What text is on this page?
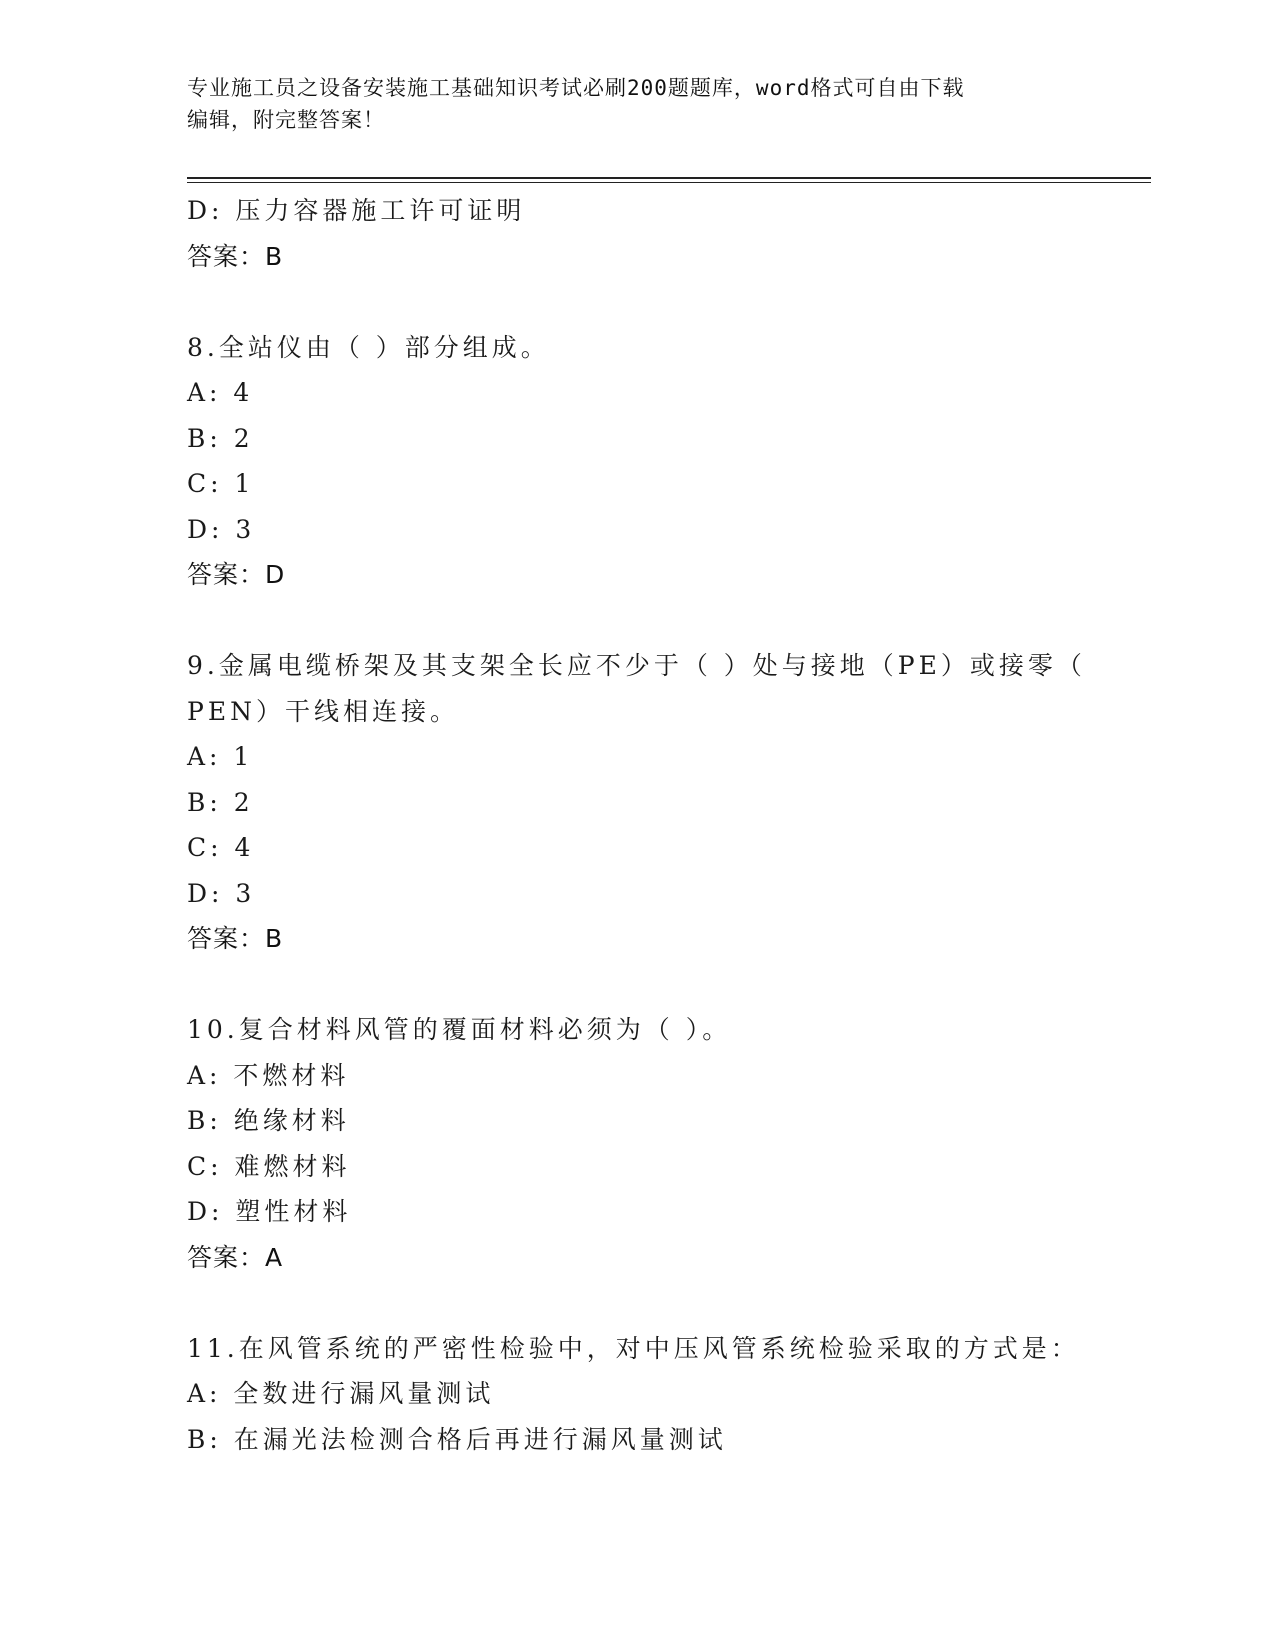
专业施工员之设备安装施工基础知识考试必刷200题题库，word格式可自由下载
编辑，附完整答案！
D: 压力容器施工许可证明
答案：B
8.全站仪由（ ）部分组成。
A: 4
B: 2
C: 1
D: 3
答案：D
9.金属电缆桥架及其支架全长应不少于（ ）处与接地（PE）或接零（
PEN）干线相连接。
A: 1
B: 2
C: 4
D: 3
答案：B
10.复合材料风管的覆面材料必须为（ ）。
A: 不燃材料
B: 绝缘材料
C: 难燃材料
D: 塑性材料
答案：A
11.在风管系统的严密性检验中，对中压风管系统检验采取的方式是：
A: 全数进行漏风量测试
B: 在漏光法检测合格后再进行漏风量测试
